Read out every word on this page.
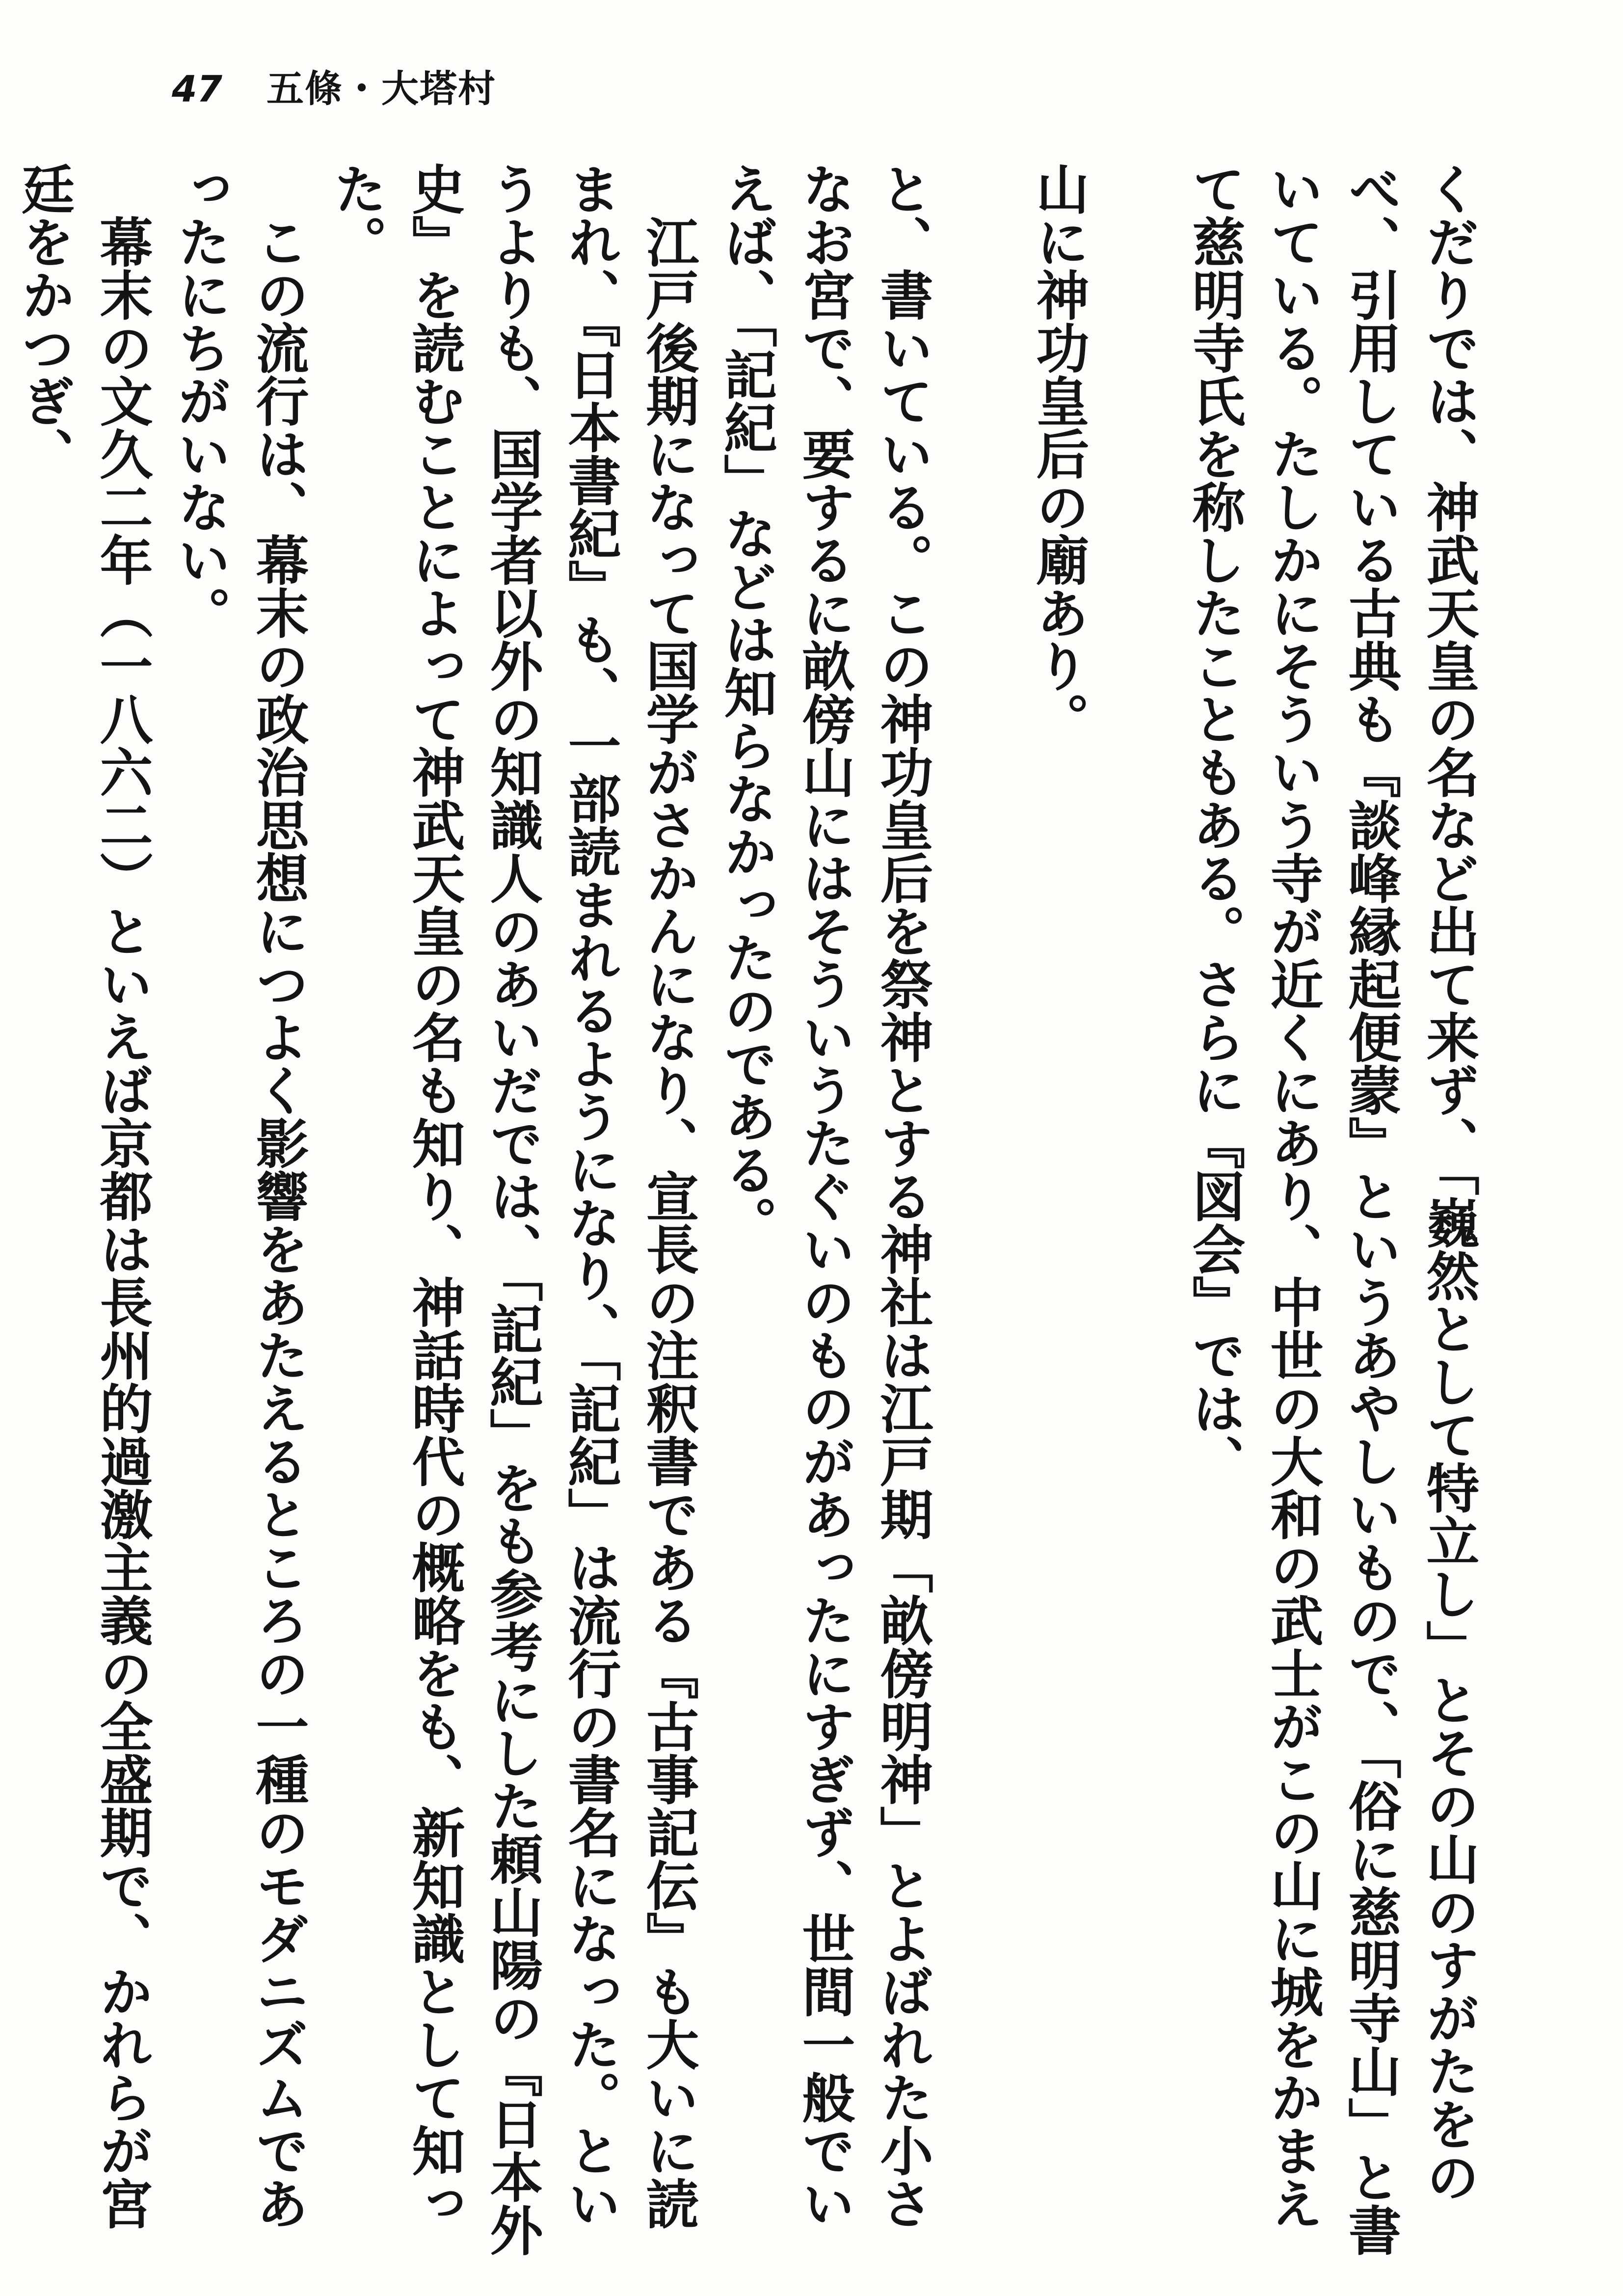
47 五條・大塔村

くだりでは、神武天皇の名など出て来ず、「巍然として特立し」とその山のすがたをのべ、引用している古典も『談峰縁起便蒙』というあやしいもので、「俗に慈明寺山」と書いている。たしかにそういう寺が近くにあり、中世の大和の武士がこの山に城をかまえて慈明寺氏を称したこともある。さらに『図会』では、

山に神功皇后の廟あり。

と、書いている。この神功皇后を祭神とする神社は江戸期「畝傍明神」とよばれた小さなお宮で、要するに畝傍山にはそういうたぐいのものがあったにすぎず、世間一般でいえば、「記紀」などは知らなかったのである。

江戸後期になって国学がさかんになり、宣長の注釈書である『古事記伝』も大いに読まれ、『日本書紀』も、一部読まれるようになり、「記紀」は流行の書名になった。というよりも、国学者以外の知識人のあいだでは、「記紀」をも参考にした頼山陽の『日本外史』を読むことによって神武天皇の名も知り、神話時代の概略をも、新知識として知った。

この流行は、幕末の政治思想につよく影響をあたえるところの一種のモダニズムであったにちがいない。

幕末の文久二年（一八六二）といえば京都は長州的過激主義の全盛期で、かれらが宮廷をかつぎ、
